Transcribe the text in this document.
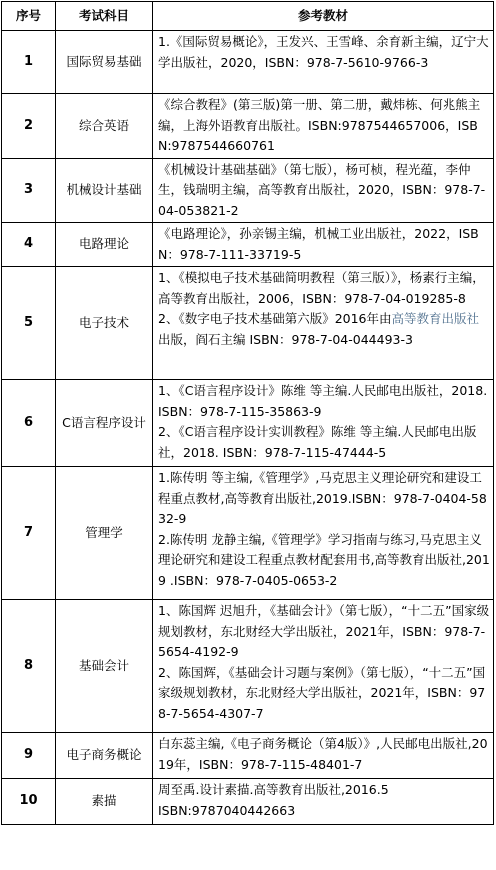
序号	考试科目	参考教材
1	国际贸易基础	1.《国际贸易概论》，王发兴、王雪峰、余育新主编，辽宁大学出版社，2020，ISBN：978-7-5610-9766-3
2	综合英语	《综合教程》(第三版)第一册、第二册，戴炜栋、何兆熊主编，上海外语教育出版社。ISBN:9787544657006，ISBN:9787544660761
3	机械设计基础	《机械设计基础基础》（第七版），杨可桢，程光蕴，李仲生，钱瑞明主编，高等教育出版社，2020，ISBN：978-7-04-053821-2
4	电路理论	《电路理论》，孙亲锡主编，机械工业出版社，2022，ISBN：978-7-111-33719-5
5	电子技术	1、《模拟电子技术基础简明教程（第三版）》，杨素行主编，高等教育出版社，2006，ISBN：978-7-04-019285-8
2、《数字电子技术基础第六版》2016年由高等教育出版社出版，阎石主编 ISBN：978-7-04-044493-3

6	C语言程序设计	1、《C语言程序设计》陈维 等主编.人民邮电出版社，2018. ISBN：978-7-115-35863-9
2、《C语言程序设计实训教程》陈维 等主编.人民邮电出版社，2018. ISBN：978-7-115-47444-5

7	管理学	1.陈传明 等主编,《管理学》,马克思主义理论研究和建设工程重点教材,高等教育出版社,2019.ISBN：978-7-0404-5832-9
2.陈传明 龙静主编,《管理学》学习指南与练习,马克思主义理论研究和建设工程重点教材配套用书,高等教育出版社,2019 .ISBN：978-7-0405-0653-2

8	基础会计	1、陈国辉 迟旭升，《基础会计》（第七版），“十二五”国家级规划教材，东北财经大学出版社，2021年，ISBN：978-7-5654-4192-9
2、陈国辉，《基础会计习题与案例》（第七版），“十二五”国家级规划教材，东北财经大学出版社，2021年，ISBN：978-7-5654-4307-7

9	电子商务概论	白东蕊主编,《电子商务概论（第4版）》,人民邮电出版社,2019年，ISBN：978-7-115-48401-7
10	素描	周至禹.设计素描.高等教育出版社,2016.5
ISBN:9787040442663
